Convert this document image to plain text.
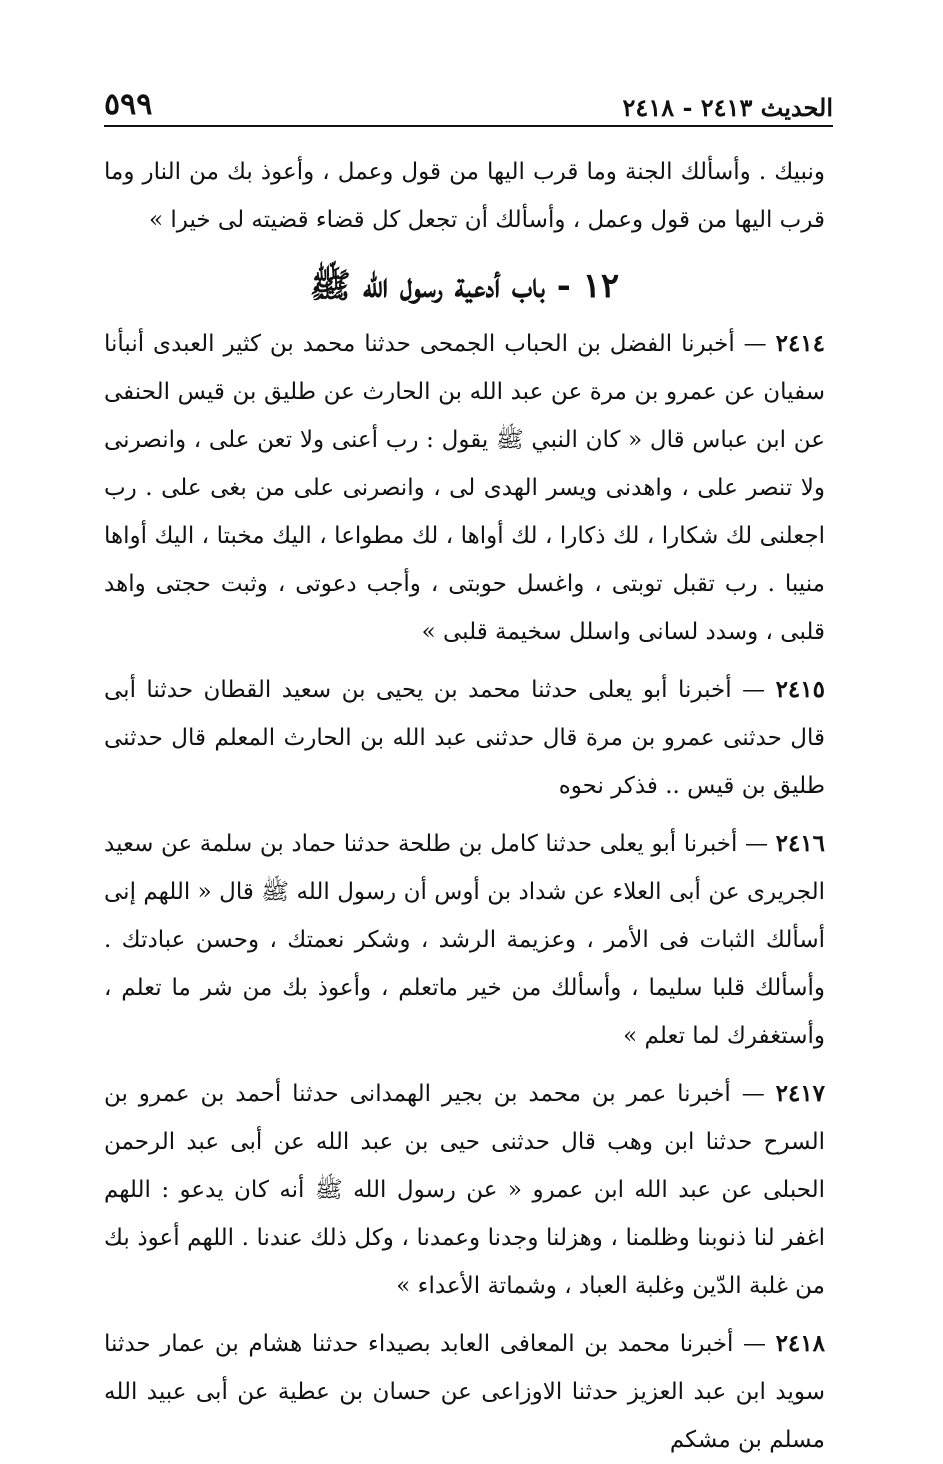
الحديث ٢٤١٣ - ٢٤١٨
٥٩٩

ونبيك . وأسألك الجنة وما قرب اليها من قول وعمل ، وأعوذ بك من النار وما قرب اليها من قول وعمل ، وأسألك أن تجعل كل قضاء قضيته لى خيرا »

١٢ - باب أدعية رسول الله ﷺ

٢٤١٤ — أخبرنا الفضل بن الحباب الجمحى حدثنا محمد بن كثير العبدى أنبأنا سفيان عن عمرو بن مرة عن عبد الله بن الحارث عن طليق بن قيس الحنفى عن ابن عباس قال « كان النبي ﷺ يقول : رب أعنى ولا تعن على ، وانصرنى ولا تنصر على ، واهدنى ويسر الهدى لى ، وانصرنى على من بغى على . رب اجعلنى لك شكارا ، لك ذكارا ، لك أواها ، لك مطواعا ، اليك مخبتا ، اليك أواها منيبا . رب تقبل توبتى ، واغسل حوبتى ، وأجب دعوتى ، وثبت حجتى واهد قلبى ، وسدد لسانى واسلل سخيمة قلبى »

٢٤١٥ — أخبرنا أبو يعلى حدثنا محمد بن يحيى بن سعيد القطان حدثنا أبى قال حدثنى عمرو بن مرة قال حدثنى عبد الله بن الحارث المعلم قال حدثنى طليق بن قيس .. فذكر نحوه

٢٤١٦ — أخبرنا أبو يعلى حدثنا كامل بن طلحة حدثنا حماد بن سلمة عن سعيد الجريرى عن أبى العلاء عن شداد بن أوس أن رسول الله ﷺ قال « اللهم إنى أسألك الثبات فى الأمر ، وعزيمة الرشد ، وشكر نعمتك ، وحسن عبادتك . وأسألك قلبا سليما ، وأسألك من خير ماتعلم ، وأعوذ بك من شر ما تعلم ، وأستغفرك لما تعلم »

٢٤١٧ — أخبرنا عمر بن محمد بن بجير الهمدانى حدثنا أحمد بن عمرو بن السرح حدثنا ابن وهب قال حدثنى حيى بن عبد الله عن أبى عبد الرحمن الحبلى عن عبد الله ابن عمرو « عن رسول الله ﷺ أنه كان يدعو : اللهم اغفر لنا ذنوبنا وظلمنا ، وهزلنا وجدنا وعمدنا ، وكل ذلك عندنا . اللهم أعوذ بك من غلبة الدّين وغلبة العباد ، وشماتة الأعداء »

٢٤١٨ — أخبرنا محمد بن المعافى العابد بصيداء حدثنا هشام بن عمار حدثنا سويد ابن عبد العزيز حدثنا الاوزاعى عن حسان بن عطية عن أبى عبيد الله مسلم بن مشكم
